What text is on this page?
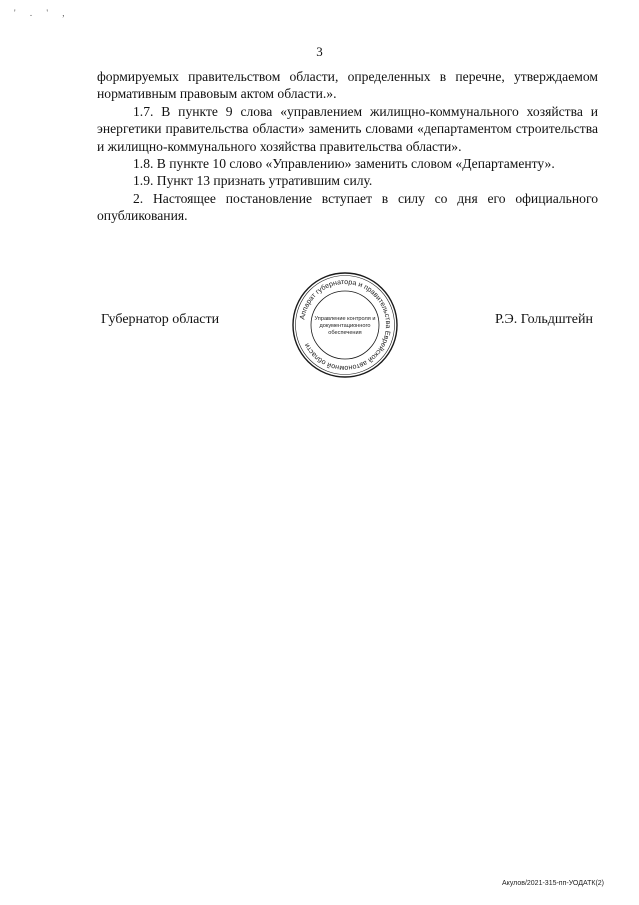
' . ' ,
3

формируемых правительством области, определенных в перечне, утверждаемом нормативным правовым актом области.».

1.7. В пункте 9 слова «управлением жилищно-коммунального хозяйства и энергетики правительства области» заменить словами «департаментом строительства и жилищно-коммунального хозяйства правительства области».

1.8. В пункте 10 слово «Управлению» заменить словом «Департаменту».

1.9. Пункт 13 признать утратившим силу.

2. Настоящее постановление вступает в силу со дня его официального опубликования.

Губернатор области	Р.Э. Гольдштейн
Аппарат губернатора и правительства Еврейской автономной области
Управление контроля и
документационного
обеспечения
Акулов/2021-315-пп-УОДАТК(2)
